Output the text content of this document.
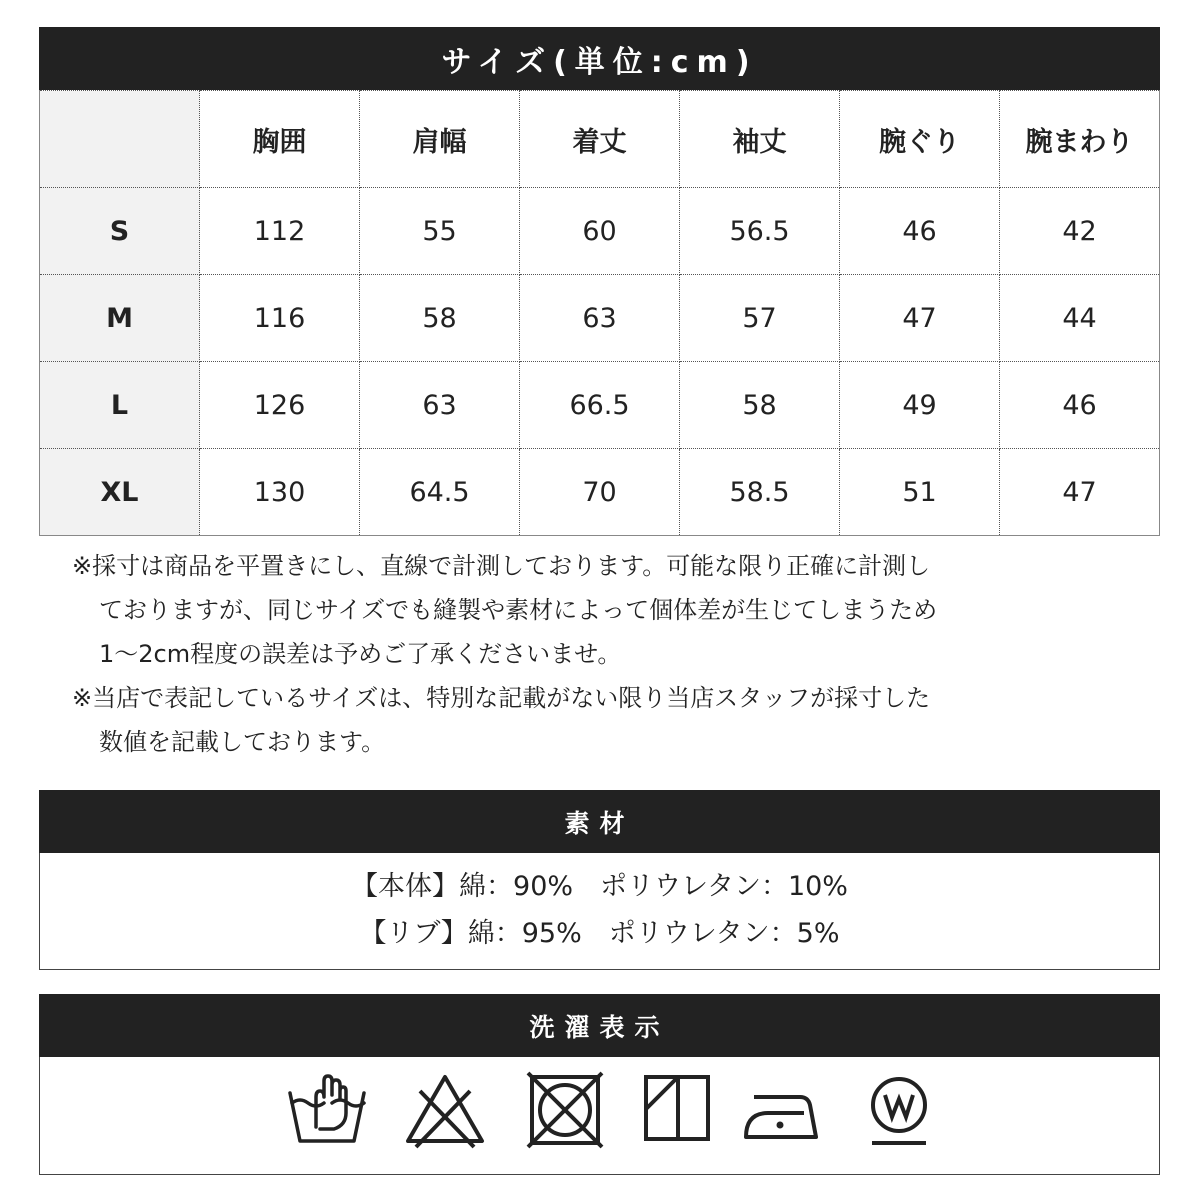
サイズ(単位:cm)
	胸囲	肩幅	着丈	袖丈	腕ぐり	腕まわり
S	112	55	60	56.5	46	42
M	116	58	63	57	47	44
L	126	63	66.5	58	49	46
XL	130	64.5	70	58.5	51	47
※採寸は商品を平置きにし、直線で計測しております。可能な限り正確に計測し
ておりますが、同じサイズでも縫製や素材によって個体差が生じてしまうため
1～2cm程度の誤差は予めご了承くださいませ。
※当店で表記しているサイズは、特別な記載がない限り当店スタッフが採寸した
数値を記載しております。
素材
【本体】綿：90%　ポリウレタン：10%
【リブ】綿：95%　ポリウレタン：5%
洗濯表示
